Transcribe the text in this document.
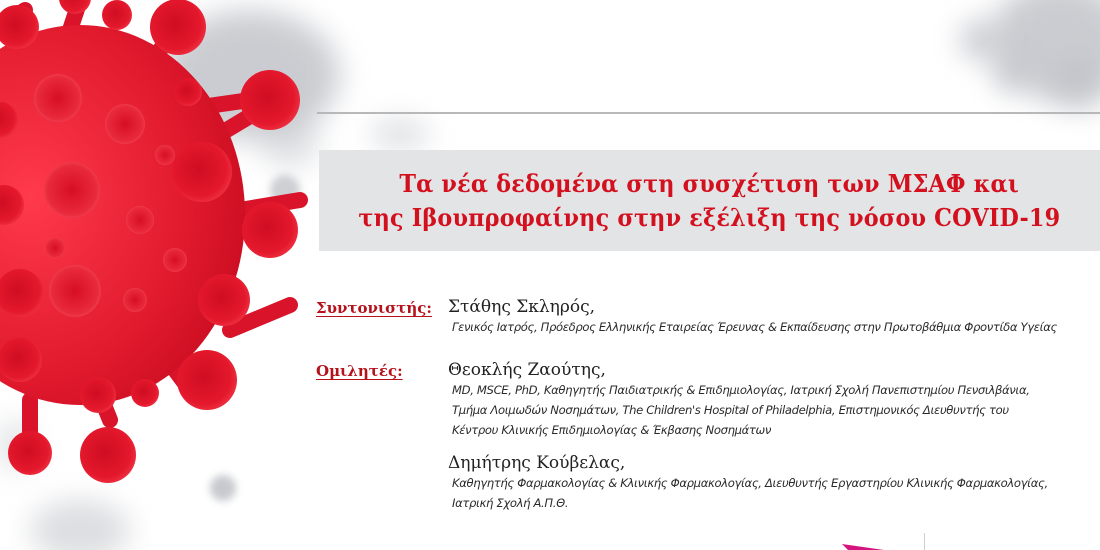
Τα νέα δεδομένα στη συσχέτιση των ΜΣΑΦ και
της Ιβουπροφαίνης στην εξέλιξη της νόσου COVID-19
Συντονιστής: Στάθης Σκληρός,
Γενικός Ιατρός, Πρόεδρος Ελληνικής Εταιρείας Έρευνας & Εκπαίδευσης στην Πρωτοβάθμια Φροντίδα Υγείας
Ομιλητές:	Θεοκλής Ζαούτης,
MD, MSCE, PhD, Καθηγητής Παιδιατρικής & Επιδημιολογίας, Ιατρική Σχολή Πανεπιστημίου Πενσιλβάνια,
Τμήμα Λοιμωδών Νοσημάτων, The Children's Hospital of Philadelphia, Επιστημονικός Διευθυντής του
Κέντρου Κλινικής Επιδημιολογίας & Έκβασης Νοσημάτων
Δημήτρης Κούβελας,
Καθηγητής Φαρμακολογίας & Κλινικής Φαρμακολογίας, Διευθυντής Εργαστηρίου Κλινικής Φαρμακολογίας,
Ιατρική Σχολή Α.Π.Θ.
